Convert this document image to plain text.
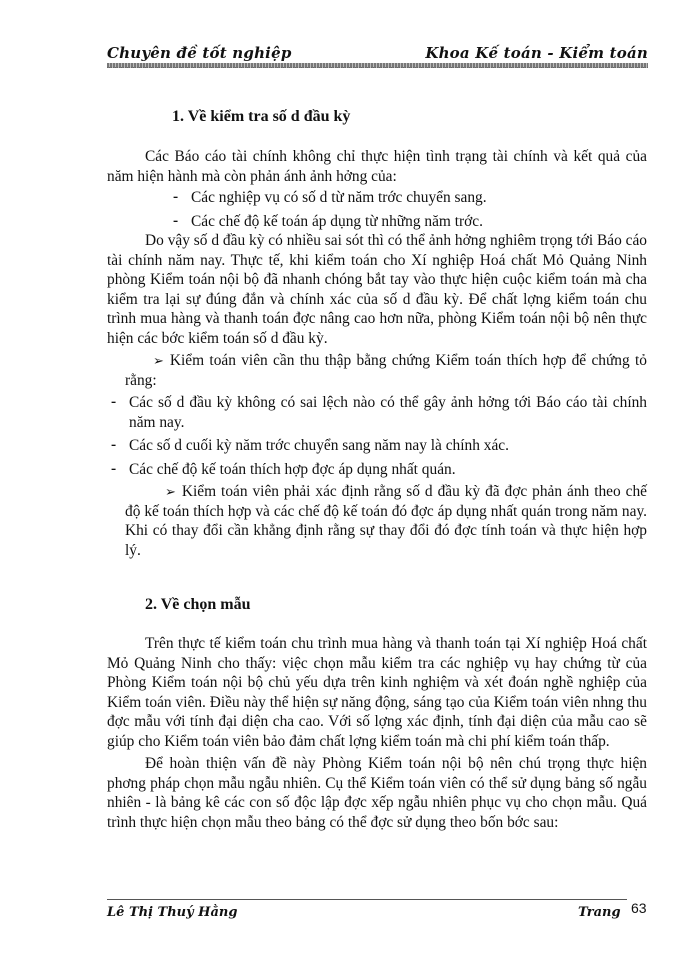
Chuyên đề tốt nghiệp	Khoa Kế toán - Kiểm toán
1. Về kiểm tra số d đầu kỳ

Các Báo cáo tài chính không chỉ thực hiện tình trạng tài chính và kết quả của năm hiện hành mà còn phản ánh ảnh hởng của:

- Các nghiệp vụ có số d từ năm trớc chuyển sang.

- Các chế độ kế toán áp dụng từ những năm trớc.

Do vậy số d đầu kỳ có nhiều sai sót thì có thể ảnh hởng nghiêm trọng tới Báo cáo tài chính năm nay. Thực tế, khi kiểm toán cho Xí nghiệp Hoá chất Mỏ Quảng Ninh phòng Kiểm toán nội bộ đã nhanh chóng bắt tay vào thực hiện cuộc kiểm toán mà cha kiểm tra lại sự đúng đắn và chính xác của số d đầu kỳ. Để chất lợng kiểm toán chu trình mua hàng và thanh toán đợc nâng cao hơn nữa, phòng Kiểm toán nội bộ nên thực hiện các bớc kiểm toán số d đầu kỳ.

➢ Kiểm toán viên cần thu thập bằng chứng Kiểm toán thích hợp để chứng tỏ rằng:

- Các số d đầu kỳ không có sai lệch nào có thể gây ảnh hởng tới Báo cáo tài chính năm nay.

- Các số d cuối kỳ năm trớc chuyển sang năm nay là chính xác.

- Các chế độ kế toán thích hợp đợc áp dụng nhất quán.

➢ Kiểm toán viên phải xác định rằng số d đầu kỳ đã đợc phản ánh theo chế độ kế toán thích hợp và các chế độ kế toán đó đợc áp dụng nhất quán trong năm nay. Khi có thay đổi cần khẳng định rằng sự thay đổi đó đợc tính toán và thực hiện hợp lý.

2. Về chọn mẫu

Trên thực tế kiểm toán chu trình mua hàng và thanh toán tại Xí nghiệp Hoá chất Mỏ Quảng Ninh cho thấy: việc chọn mẫu kiểm tra các nghiệp vụ hay chứng từ của Phòng Kiểm toán nội bộ chủ yếu dựa trên kinh nghiệm và xét đoán nghề nghiệp của Kiểm toán viên. Điều này thể hiện sự năng động, sáng tạo của Kiểm toán viên nhng thu đợc mẫu với tính đại diện cha cao. Với số lợng xác định, tính đại diện của mẫu cao sẽ giúp cho Kiểm toán viên bảo đảm chất lợng kiểm toán mà chi phí kiểm toán thấp.

Để hoàn thiện vấn đề này Phòng Kiểm toán nội bộ nên chú trọng thực hiện phơng pháp chọn mẫu ngẫu nhiên. Cụ thể Kiểm toán viên có thể sử dụng bảng số ngẫu nhiên - là bảng kê các con số độc lập đợc xếp ngẫu nhiên phục vụ cho chọn mẫu. Quá trình thực hiện chọn mẫu theo bảng có thể đợc sử dụng theo bốn bớc sau:

Lê Thị Thuý Hằng	Trang 63
